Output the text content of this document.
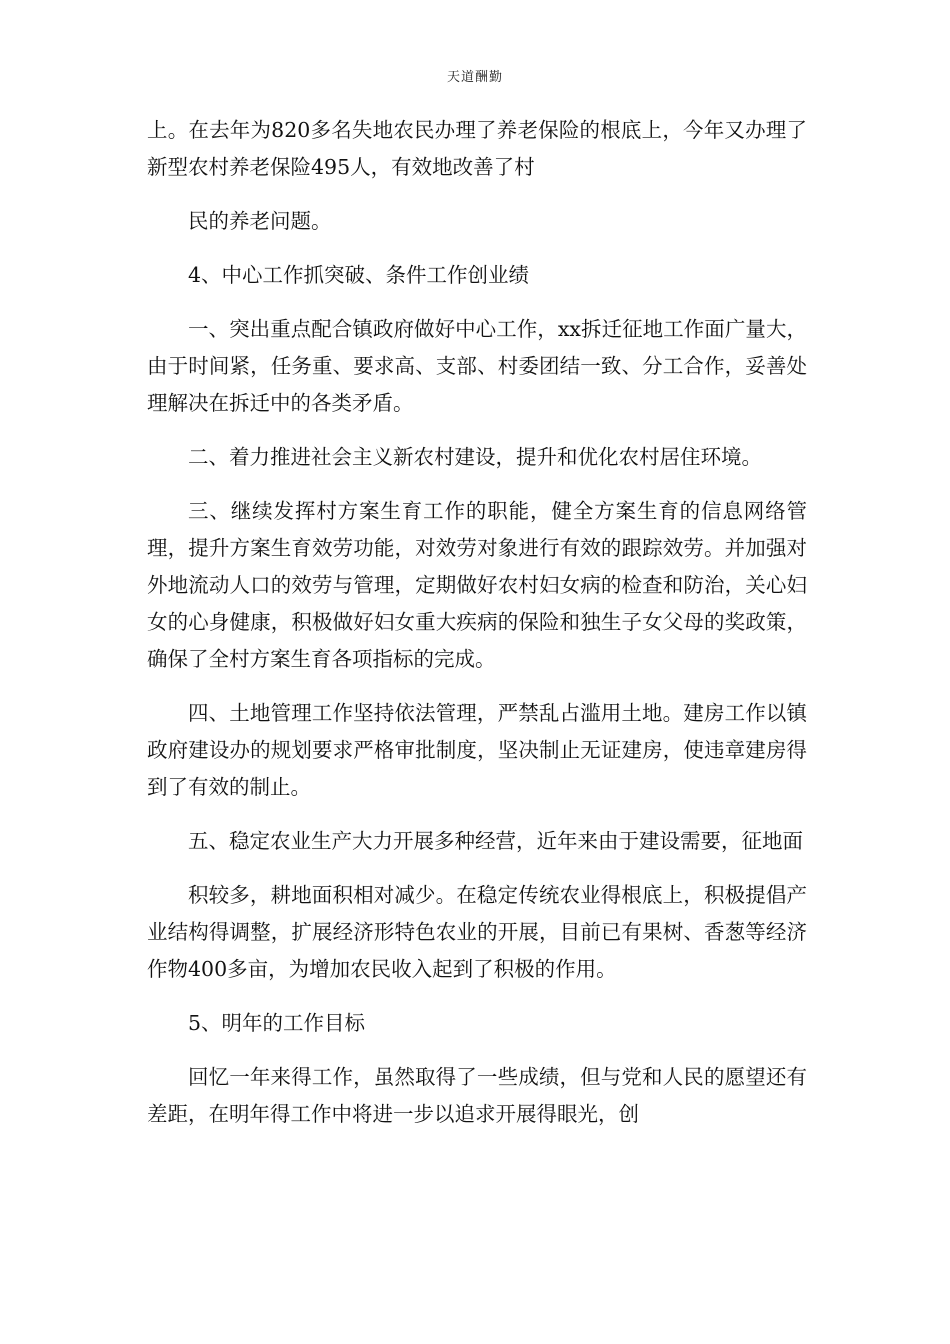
天道酬勤

上。在去年为820多名失地农民办理了养老保险的根底上，今年又办理了新型农村养老保险495人，有效地改善了村

民的养老问题。

4、中心工作抓突破、条件工作创业绩

一、突出重点配合镇政府做好中心工作，xx拆迁征地工作面广量大，由于时间紧，任务重、要求高、支部、村委团结一致、分工合作，妥善处理解决在拆迁中的各类矛盾。

二、着力推进社会主义新农村建设，提升和优化农村居住环境。

三、继续发挥村方案生育工作的职能，健全方案生育的信息网络管理，提升方案生育效劳功能，对效劳对象进行有效的跟踪效劳。并加强对外地流动人口的效劳与管理，定期做好农村妇女病的检查和防治，关心妇女的心身健康，积极做好妇女重大疾病的保险和独生子女父母的奖政策，确保了全村方案生育各项指标的完成。

四、土地管理工作坚持依法管理，严禁乱占滥用土地。建房工作以镇政府建设办的规划要求严格审批制度，坚决制止无证建房，使违章建房得到了有效的制止。

五、稳定农业生产大力开展多种经营，近年来由于建设需要，征地面

积较多，耕地面积相对减少。在稳定传统农业得根底上，积极提倡产业结构得调整，扩展经济形特色农业的开展，目前已有果树、香葱等经济作物400多亩，为增加农民收入起到了积极的作用。

5、明年的工作目标

回忆一年来得工作，虽然取得了一些成绩，但与党和人民的愿望还有差距，在明年得工作中将进一步以追求开展得眼光，创
